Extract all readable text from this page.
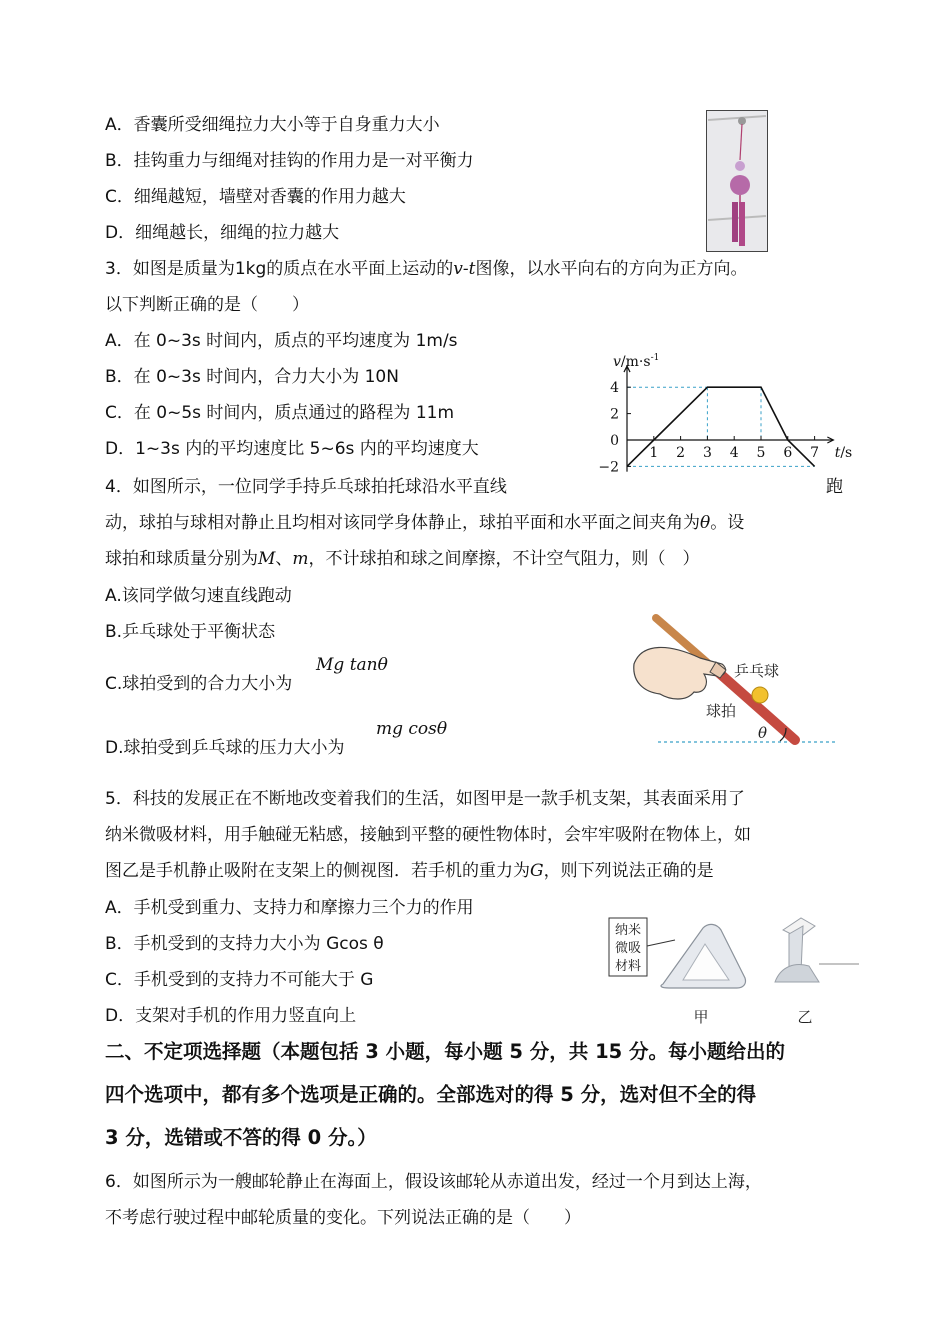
A．香囊所受细绳拉力大小等于自身重力大小
B．挂钩重力与细绳对挂钩的作用力是一对平衡力
C．细绳越短，墙壁对香囊的作用力越大
D．细绳越长，细绳的拉力越大
3．如图是质量为1kg的质点在水平面上运动的v-t图像，以水平向右的方向为正方向。
以下判断正确的是（　　）
A．在 0~3s 时间内，质点的平均速度为 1m/s
B．在 0~3s 时间内，合力大小为 10N
C．在 0~5s 时间内，质点通过的路程为 11m
D．1~3s 内的平均速度比 5~6s 内的平均速度大
4
2
0
−2
1 2 3 4 5 6 7
$v/m\cdot s^{-1}$
t/s
4．如图所示，一位同学手持乒乓球拍托球沿水平直线	跑
动，球拍与球相对静止且均相对该同学身体静止，球拍平面和水平面之间夹角为θ。设
球拍和球质量分别为M、m，不计球拍和球之间摩擦，不计空气阻力，则（　）
A.该同学做匀速直线跑动
B.乒乓球处于平衡状态
C.球拍受到的合力大小为
Mg tanθ
D.球拍受到乒乓球的压力大小为
mg cosθ
乒乓球
球拍
θ
5．科技的发展正在不断地改变着我们的生活，如图甲是一款手机支架，其表面采用了
纳米微吸材料，用手触碰无粘感，接触到平整的硬性物体时，会牢牢吸附在物体上，如
图乙是手机静止吸附在支架上的侧视图．若手机的重力为G，则下列说法正确的是
A．手机受到重力、支持力和摩擦力三个力的作用
B．手机受到的支持力大小为 Gcos θ
C．手机受到的支持力不可能大于 G
D．支架对手机的作用力竖直向上
纳米
微吸
材料
甲	乙
二、不定项选择题（本题包括 3 小题，每小题 5 分，共 15 分。每小题给出的
四个选项中，都有多个选项是正确的。全部选对的得 5 分，选对但不全的得
3 分，选错或不答的得 0 分。）
6．如图所示为一艘邮轮静止在海面上，假设该邮轮从赤道出发，经过一个月到达上海，
不考虑行驶过程中邮轮质量的变化。下列说法正确的是（　　）
